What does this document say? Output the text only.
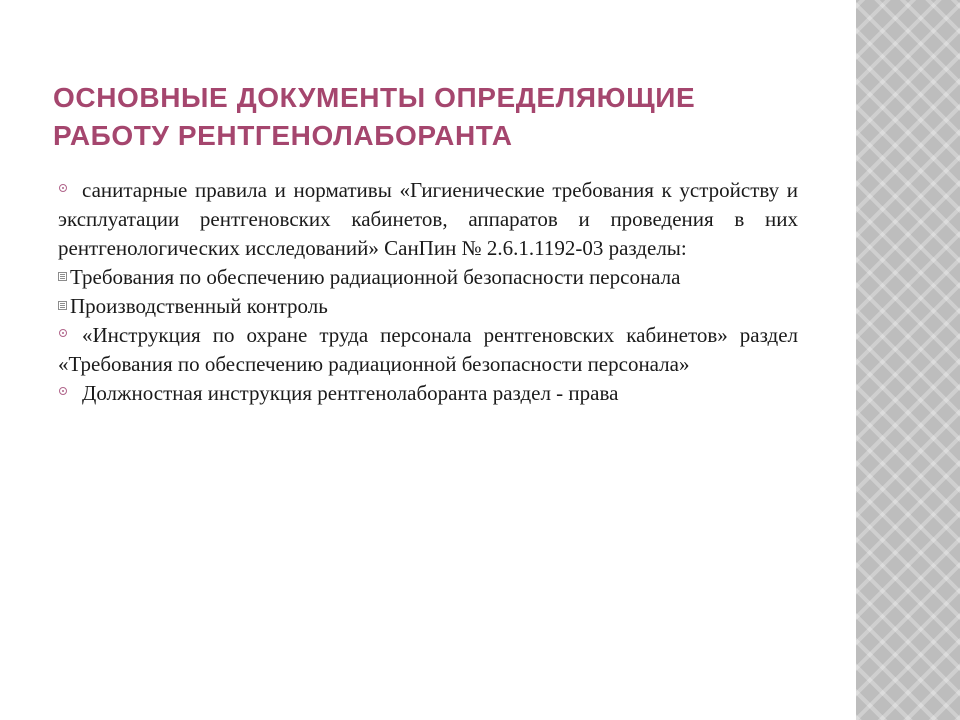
ОСНОВНЫЕ ДОКУМЕНТЫ ОПРЕДЕЛЯЮЩИЕ РАБОТУ РЕНТГЕНОЛАБОРАНТА

санитарные правила и нормативы «Гигиенические требования к устройству и эксплуатации рентгеновских кабинетов, аппаратов и проведения в них рентгенологических исследований» СанПин № 2.6.1.1192-03 разделы:

Требования по обеспечению радиационной безопасности персонала

Производственный контроль

«Инструкция по охране труда персонала рентгеновских кабинетов» раздел «Требования по обеспечению радиационной безопасности персонала»

Должностная инструкция рентгенолаборанта раздел - права
